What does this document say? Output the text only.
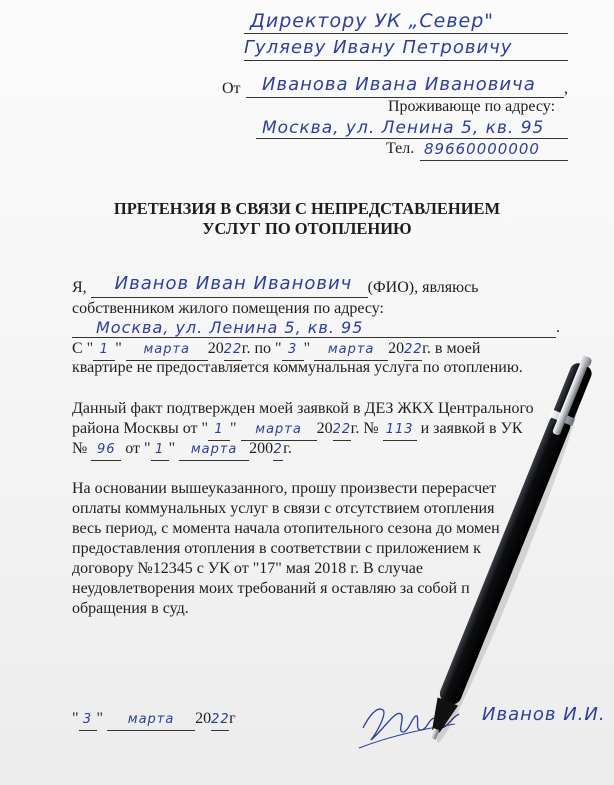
Директору УК „Север"
Гуляеву Ивану Петровичу
От Иванова Ивана Ивановича ,
Проживающе по адресу:
Москва, ул. Ленина 5, кв. 95
Тел. 89660000000
ПРЕТЕНЗИЯ В СВЯЗИ С НЕПРЕДСТАВЛЕНИЕМ
УСЛУГ ПО ОТОПЛЕНИЮ
Я, Иванов Иван Иванович (ФИО), являюсь
собственником жилого помещения по адресу:
Москва, ул. Ленина 5, кв. 95	.
С " 1 " марта 2022г. по " 3 " марта 2022г. в моей
квартире не предоставляется коммунальная услуга по отоплению.
Данный факт подтвержден моей заявкой в ДЕЗ ЖКХ Центрального
района Москвы от " 1 " марта 2022г. № 113 и заявкой в УК
№ 96 от " 1 " марта 2002г.
На основании вышеуказанного, прошу произвести перерасчет
оплаты коммунальных услуг в связи с отсутствием отопления
весь период, с момента начала отопительного сезона до момен
предоставления отопления в соответствии с приложением к
договору №12345 с УК от "17" мая 2018 г. В случае
неудовлетворения моих требований я оставляю за собой п
обращения в суд.
" 3 " марта 2022г	Иванов И.И.
